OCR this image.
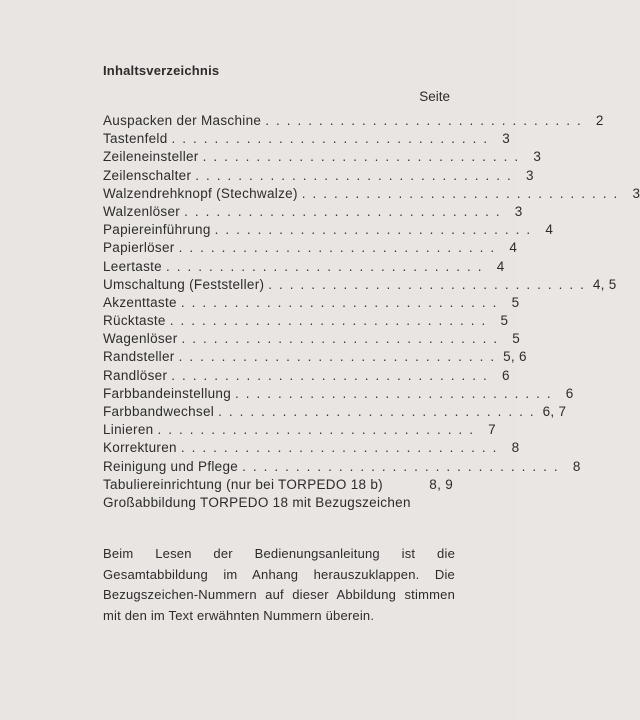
Inhaltsverzeichnis
Seite
Auspacken der Maschine .............................. 2
Tastenfeld .............................. 3
Zeileneinsteller .............................. 3
Zeilenschalter .............................. 3
Walzendrehknopf (Stechwalze) .............................. 3
Walzenlöser .............................. 3
Papiereinführung .............................. 4
Papierlöser .............................. 4
Leertaste .............................. 4
Umschaltung (Feststeller) .............................. 4, 5
Akzenttaste .............................. 5
Rücktaste .............................. 5
Wagenlöser .............................. 5
Randsteller .............................. 5, 6
Randlöser .............................. 6
Farbbandeinstellung .............................. 6
Farbbandwechsel .............................. 6, 7
Linieren .............................. 7
Korrekturen .............................. 8
Reinigung und Pflege .............................. 8
Tabuliereinrichtung (nur bei TORPEDO 18 b)	8, 9
Großabbildung TORPEDO 18 mit Bezugszeichen
Beim Lesen der Bedienungsanleitung ist die Gesamtabbildung im Anhang herauszuklappen. Die Bezugszeichen-Nummern auf dieser Abbildung stimmen mit den im Text erwähnten Nummern überein.
